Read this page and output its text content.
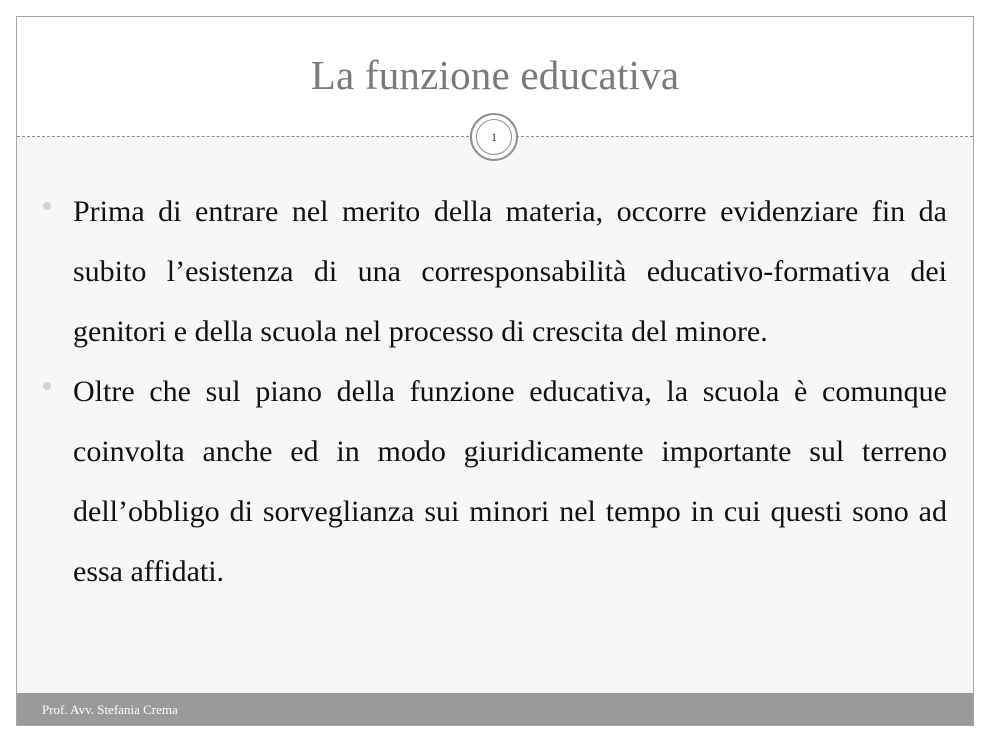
La funzione educativa
1
Prima di entrare nel merito della materia, occorre evidenziare fin da subito l’esistenza di una corresponsabilità educativo-formativa dei genitori e della scuola nel processo di crescita del minore.
Oltre che sul piano della funzione educativa, la scuola è comunque coinvolta anche ed in modo giuridicamente importante sul terreno dell’obbligo di sorveglianza sui minori nel tempo in cui questi sono ad essa affidati.
Prof. Avv. Stefania Crema
